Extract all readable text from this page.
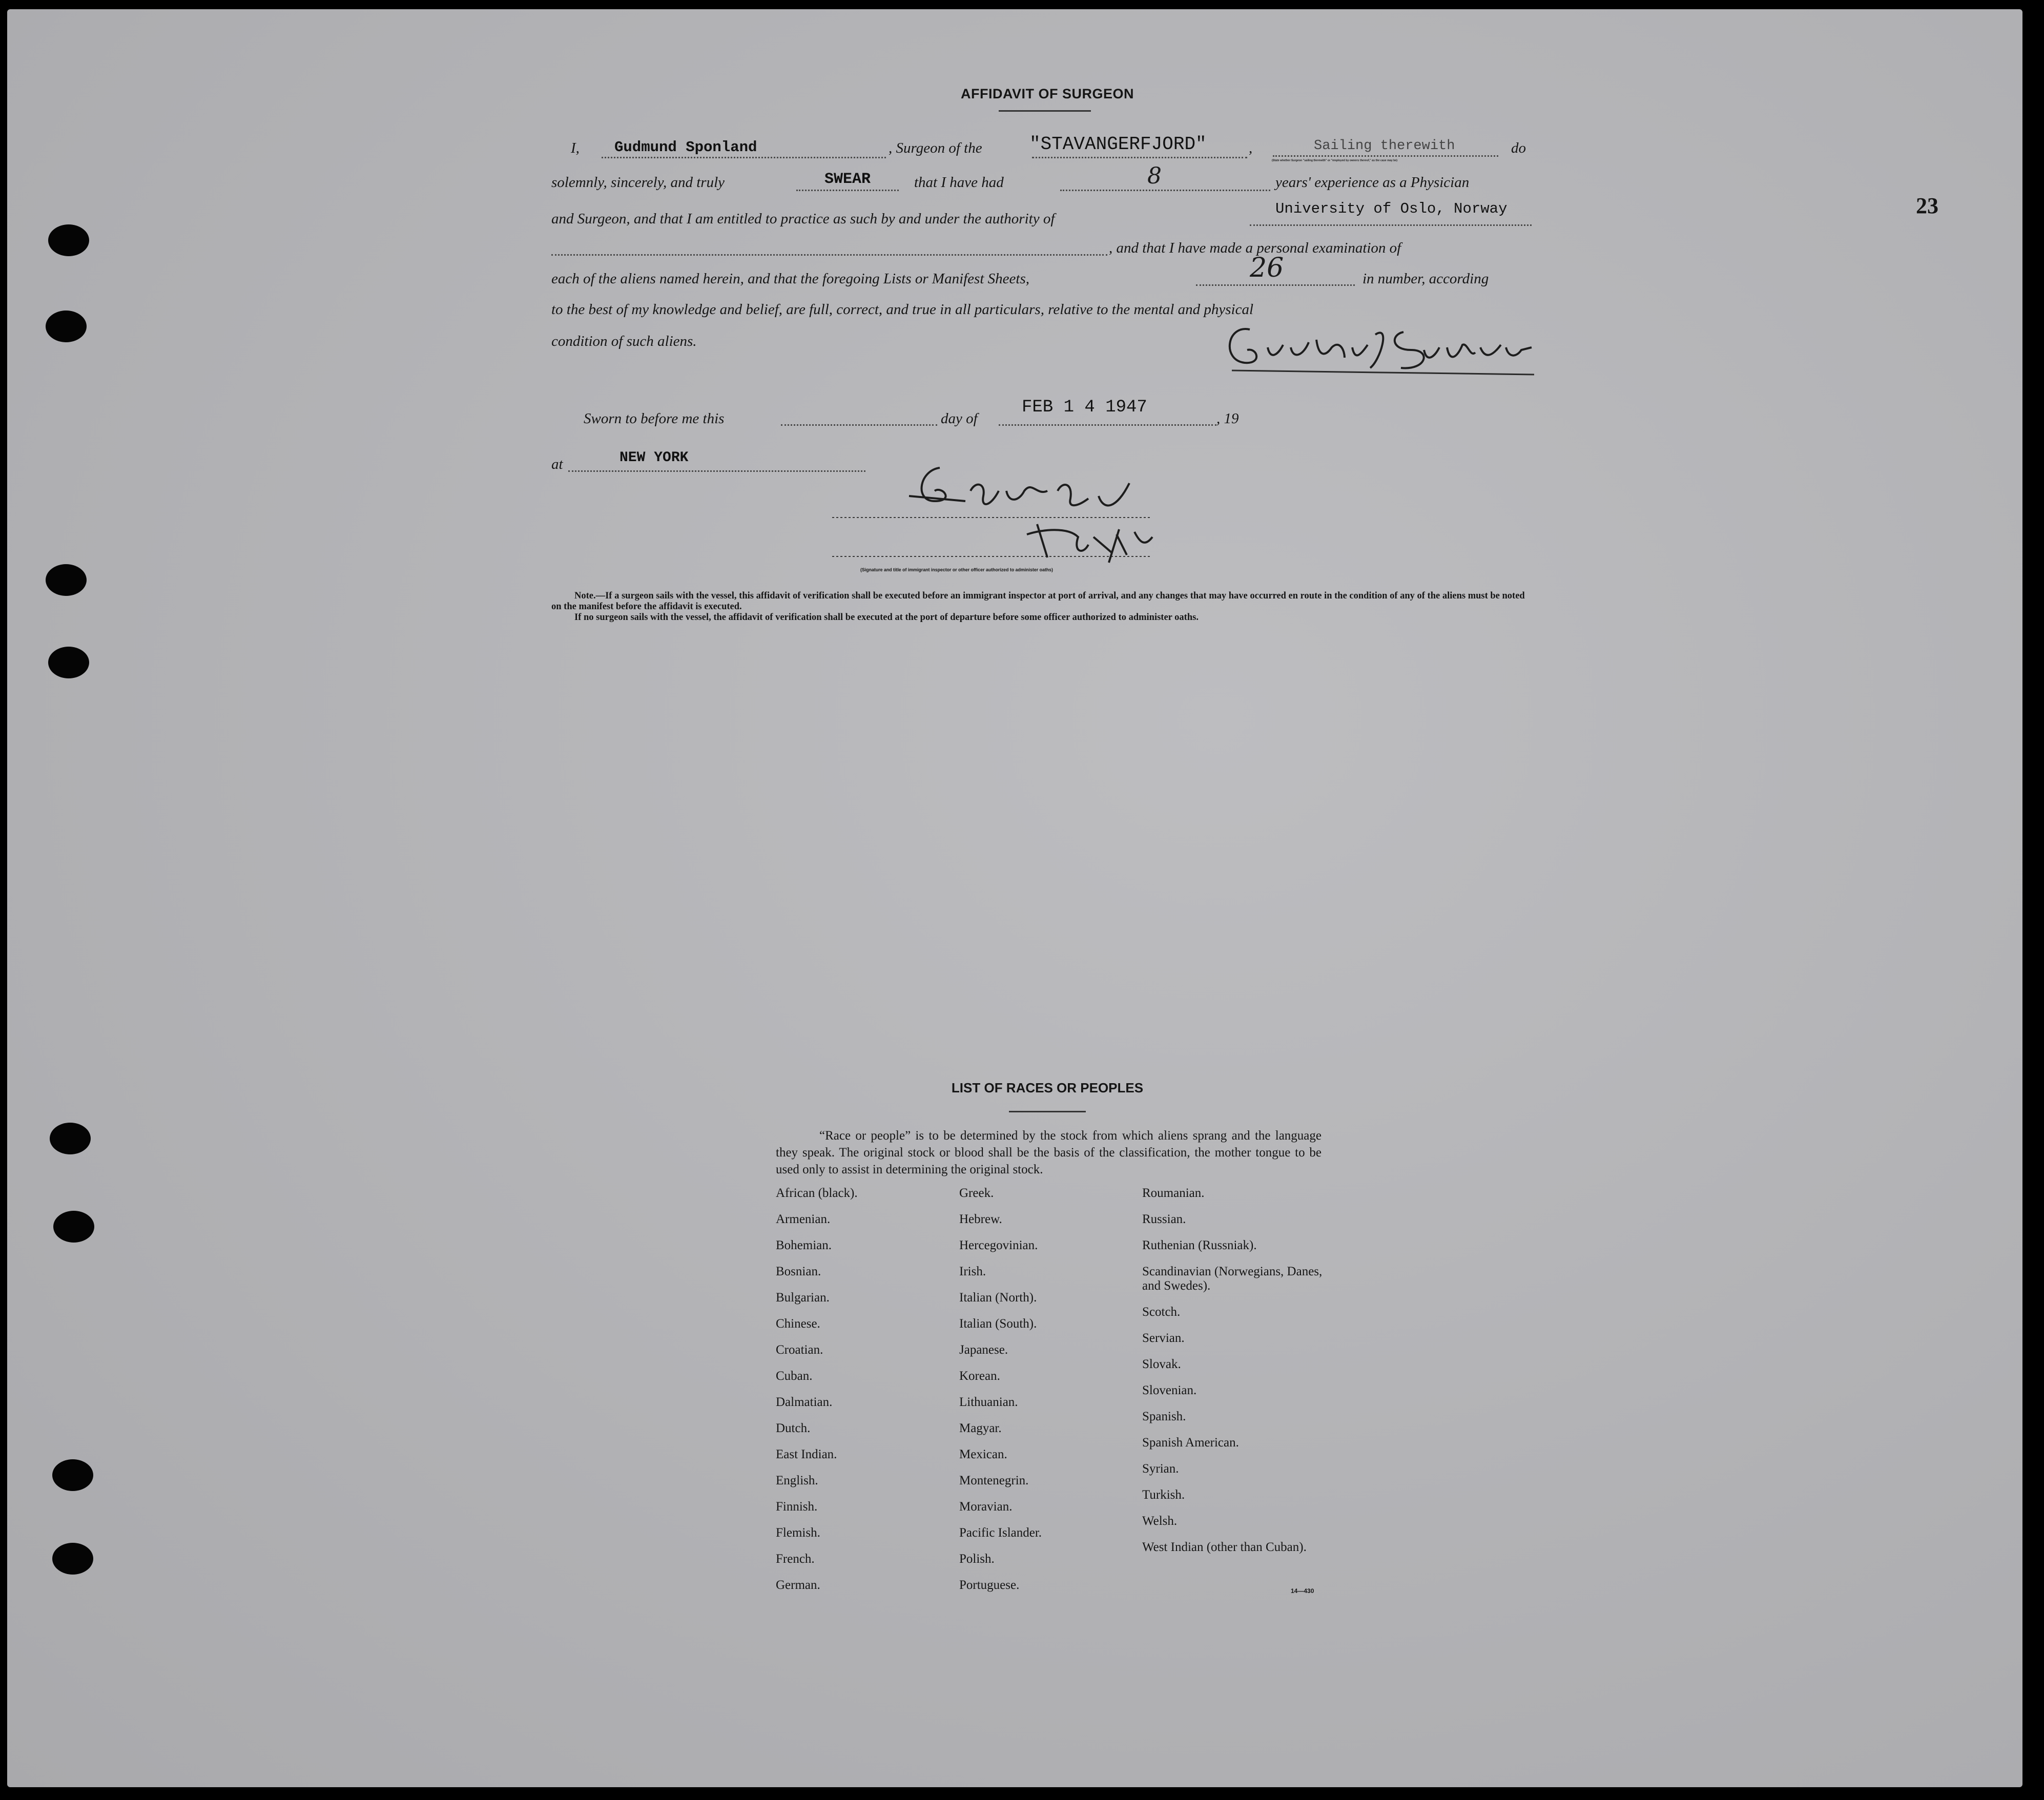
23
AFFIDAVIT OF SURGEON
I, Gudmund Sponland	, Surgeon of the	"STAVANGERFJORD"	,	Sailing therewith
(State whether Surgeon "sailing therewith" or "employed by owners thereof," as the case may be)
do
solemnly, sincerely, and truly	SWEAR	that I have had	8	years' experience as a Physician
and Surgeon, and that I am entitled to practice as such by and under the authority of
University of Oslo, Norway
, and that I have made a personal examination of
each of the aliens named herein, and that the foregoing Lists or Manifest Sheets,	26	in number, according
to the best of my knowledge and belief, are full, correct, and true in all particulars, relative to the mental and physical
condition of such aliens.
Sworn to before me this	day of
FEB 1 4 1947
, 19
at	NEW YORK
(Signature and title of immigrant inspector or other officer authorized to administer oaths)
Note.—If a surgeon sails with the vessel, this affidavit of verification shall be executed before an immigrant inspector at port of arrival, and any changes that may have occurred en route in the condition of any of the aliens must be noted on the manifest before the affidavit is executed.
If no surgeon sails with the vessel, the affidavit of verification shall be executed at the port of departure before some officer authorized to administer oaths.
LIST OF RACES OR PEOPLES
“Race or people” is to be determined by the stock from which aliens sprang and the language they speak. The original stock or blood shall be the basis of the classification, the mother tongue to be used only to assist in determining the original stock.
African (black).
Armenian.
Bohemian.
Bosnian.
Bulgarian.
Chinese.
Croatian.
Cuban.
Dalmatian.
Dutch.
East Indian.
English.
Finnish.
Flemish.
French.
German.
Greek.
Hebrew.
Hercegovinian.
Irish.
Italian (North).
Italian (South).
Japanese.
Korean.
Lithuanian.
Magyar.
Mexican.
Montenegrin.
Moravian.
Pacific Islander.
Polish.
Portuguese.
Roumanian.
Russian.
Ruthenian (Russniak).
Scandinavian (Norwegians, Danes, and Swedes).
Scotch.
Servian.
Slovak.
Slovenian.
Spanish.
Spanish American.
Syrian.
Turkish.
Welsh.
West Indian (other than Cuban).
14—430
